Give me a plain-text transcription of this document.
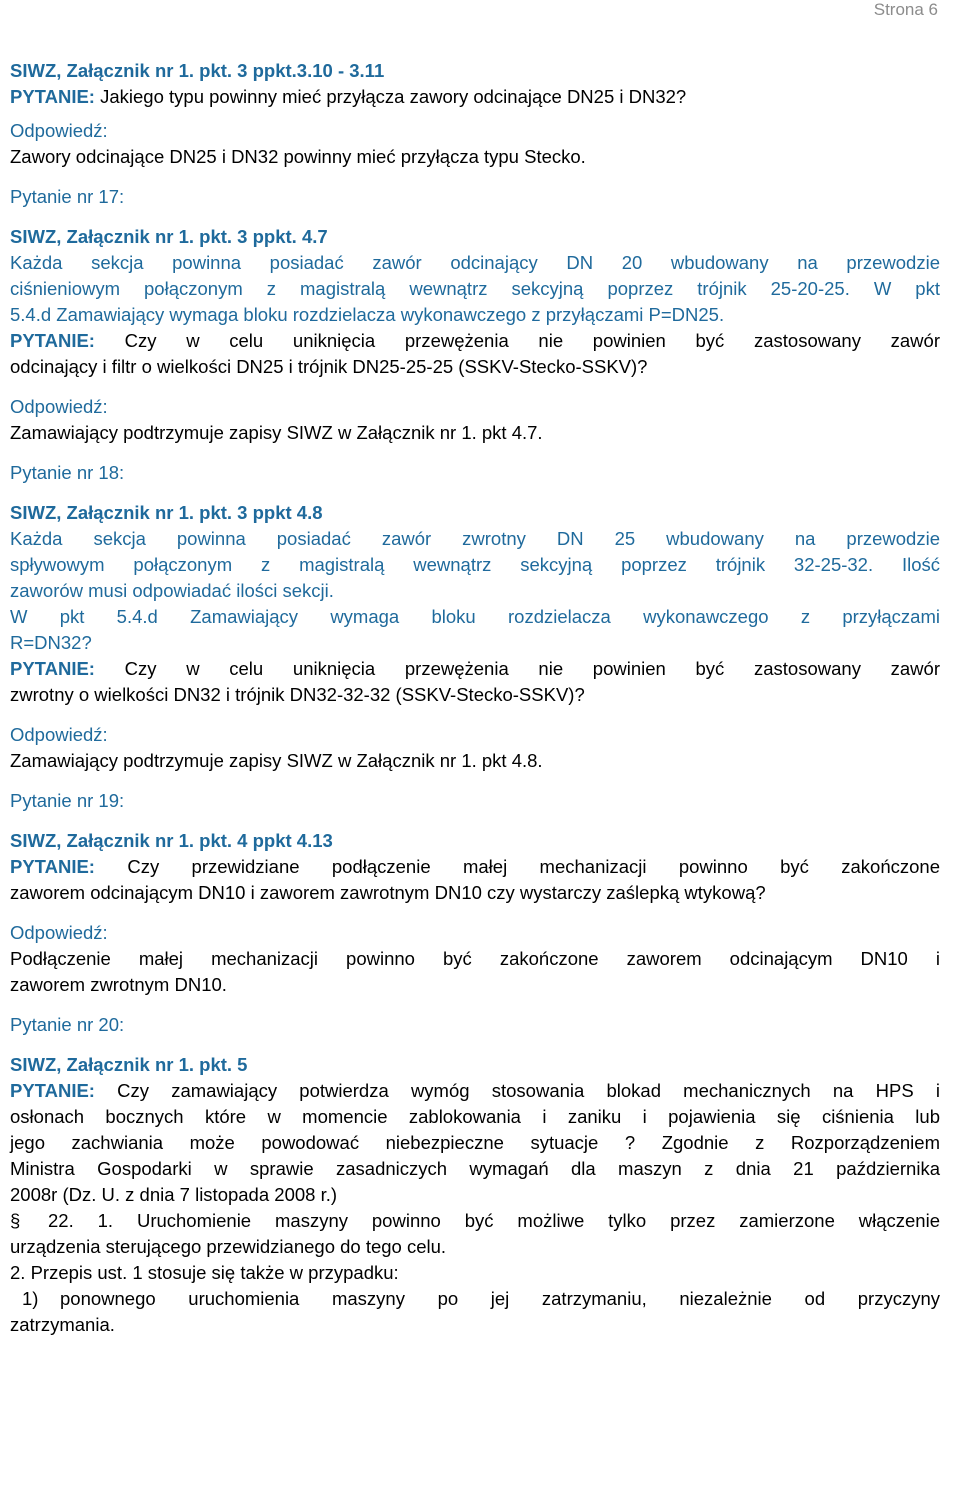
Strona 6
SIWZ, Załącznik nr 1. pkt. 3 ppkt.3.10 - 3.11
PYTANIE: Jakiego typu powinny mieć przyłącza zawory odcinające DN25 i DN32?
Odpowiedź:
Zawory odcinające DN25 i DN32 powinny mieć przyłącza typu Stecko.
Pytanie nr 17:
SIWZ, Załącznik nr 1. pkt. 3 ppkt. 4.7
Każda sekcja powinna posiadać zawór odcinający DN 20 wbudowany na przewodzie
ciśnieniowym połączonym z magistralą wewnątrz sekcyjną poprzez trójnik 25-20-25. W pkt
5.4.d Zamawiający wymaga bloku rozdzielacza wykonawczego z przyłączami P=DN25.
PYTANIE: Czy w celu uniknięcia przewężenia nie powinien być zastosowany zawór
odcinający i filtr o wielkości DN25 i trójnik DN25-25-25 (SSKV-Stecko-SSKV)?
Odpowiedź:
Zamawiający podtrzymuje zapisy SIWZ w Załącznik nr 1. pkt 4.7.
Pytanie nr 18:
SIWZ, Załącznik nr 1. pkt. 3 ppkt 4.8
Każda sekcja powinna posiadać zawór zwrotny DN 25 wbudowany na przewodzie
spływowym połączonym z magistralą wewnątrz sekcyjną poprzez trójnik 32-25-32. Ilość
zaworów musi odpowiadać ilości sekcji.
W pkt 5.4.d Zamawiający wymaga bloku rozdzielacza wykonawczego z przyłączami
R=DN32?
PYTANIE: Czy w celu uniknięcia przewężenia nie powinien być zastosowany zawór
zwrotny o wielkości DN32 i trójnik DN32-32-32 (SSKV-Stecko-SSKV)?
Odpowiedź:
Zamawiający podtrzymuje zapisy SIWZ w Załącznik nr 1. pkt 4.8.
Pytanie nr 19:
SIWZ, Załącznik nr 1. pkt. 4 ppkt 4.13
PYTANIE: Czy przewidziane podłączenie małej mechanizacji powinno być zakończone
zaworem odcinającym DN10 i zaworem zawrotnym DN10 czy wystarczy zaślepką wtykową?
Odpowiedź:
Podłączenie małej mechanizacji powinno być zakończone zaworem odcinającym DN10 i
zaworem zwrotnym DN10.
Pytanie nr 20:
SIWZ, Załącznik nr 1. pkt. 5
PYTANIE: Czy zamawiający potwierdza wymóg stosowania blokad mechanicznych na HPS i
osłonach bocznych które w momencie zablokowania i zaniku i pojawienia się ciśnienia lub
jego zachwiania może powodować niebezpieczne sytuacje ? Zgodnie z Rozporządzeniem
Ministra Gospodarki w sprawie zasadniczych wymagań dla maszyn z dnia 21 października
2008r (Dz. U. z dnia 7 listopada 2008 r.)
§ 22. 1. Uruchomienie maszyny powinno być możliwe tylko przez zamierzone włączenie
urządzenia sterującego przewidzianego do tego celu.
2. Przepis ust. 1 stosuje się także w przypadku:
1) ponownego uruchomienia maszyny po jej zatrzymaniu, niezależnie od przyczyny
zatrzymania.
